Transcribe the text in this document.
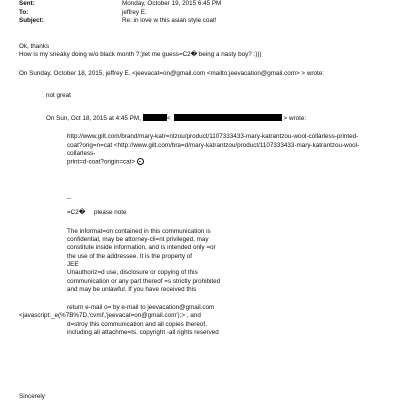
Sent:	Monday, October 19, 2015 6:45 PM
To:	jeffrey E.
Subject:	Re: in love w this asian style coat!

Ok, thanks

How is my sneaky doing w/o black month ?;)let me guess=C2� being a nasty boy? :)))

On Sunday, October 18, 2015, jeffrey E. <jeevacat=on@gmail.com <mailto:jeevacation@gmail.com> > wrote:

not great

On Sun, Oct 18, 2015 at 4:45 PM,	<	> wrote:

http://www.gilt.com/brand/mary-katr=ntzou/product/1107333433-mary-katrantzou-wool-collarless-printed-
coat?orig=n=cat <http://www.gilt.com/bra=d/mary-katrantzou/product/1107333433-mary-katrantzou-wool-collarless-
print=d-coat?origin=cat>

--

=C2� please note

The informat=on contained in this communication is
confidential, may be attorney-cli=nt privileged, may
constitute inside information, and is intended only =or
the use of the addressee. It is the property of
JEE
Unauthoriz=d use, disclosure or copying of this
communication or any part thereof =s strictly prohibited
and may be unlawful. If you have received this

return e-mail o= by e-mail to jeevacation@gmail.com

<javascript:_e(%7B%7D,'cvml','jeevacat=on@gmail.com');> , and

d=stroy this communication and all copies thereof,

including all attachme=ts. copyright -all rights reserved

Sincerely
